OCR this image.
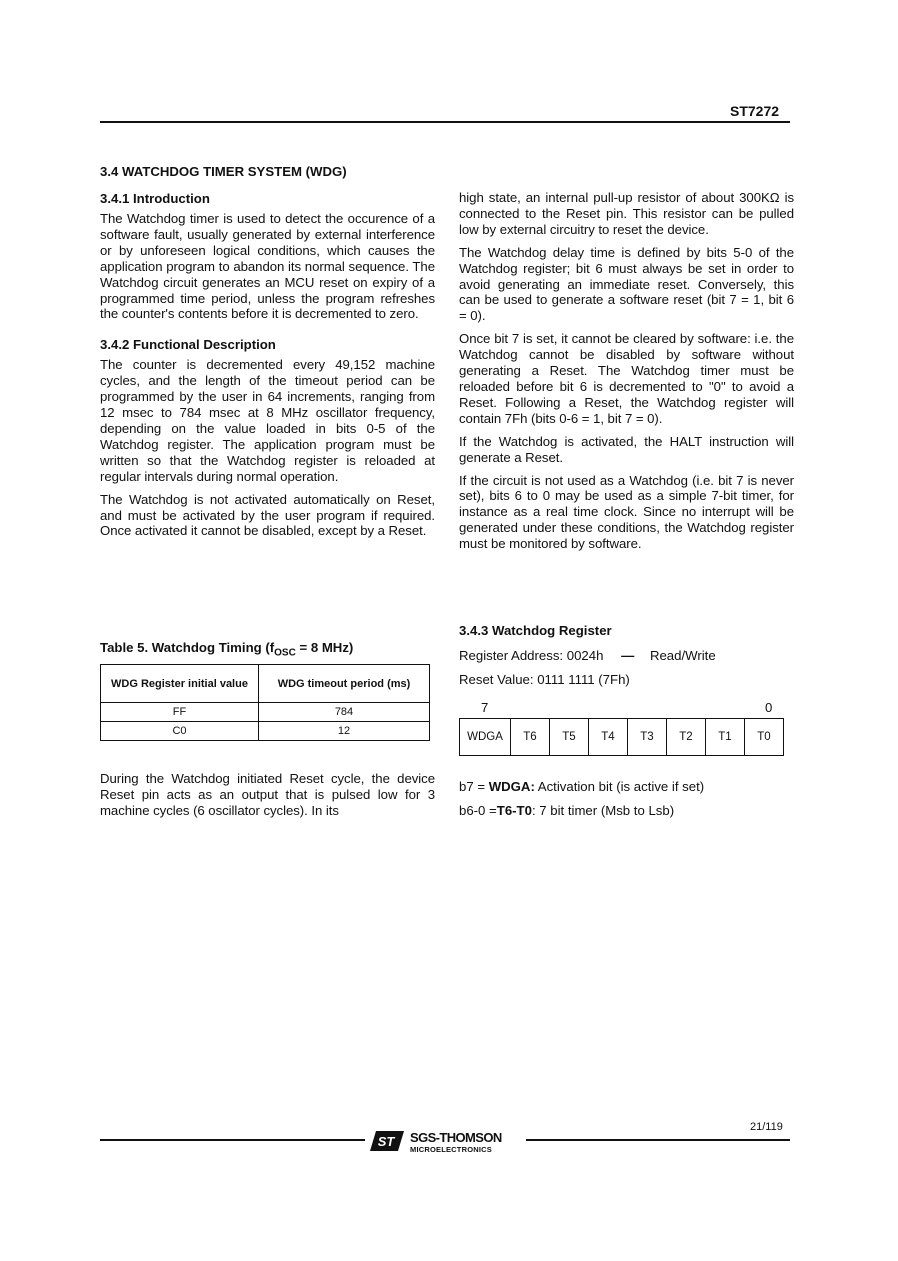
ST7272
3.4 WATCHDOG TIMER SYSTEM (WDG)
3.4.1 Introduction

The Watchdog timer is used to detect the occurence of a software fault, usually generated by external interference or by unforeseen logical conditions, which causes the application program to abandon its normal sequence. The Watchdog circuit generates an MCU reset on expiry of a programmed time period, unless the program refreshes the counter's contents before it is decremented to zero.

3.4.2 Functional Description

The counter is decremented every 49,152 machine cycles, and the length of the timeout period can be programmed by the user in 64 increments, ranging from 12 msec to 784 msec at 8 MHz oscillator frequency, depending on the value loaded in bits 0-5 of the Watchdog register. The application program must be written so that the Watchdog register is reloaded at regular intervals during normal operation.

The Watchdog is not activated automatically on Reset, and must be activated by the user program if required. Once activated it cannot be disabled, except by a Reset.

Table 5. Watchdog Timing ($f_{OSC} = 8$ MHz)
WDG Register initial value	WDG timeout period (ms)
FF	784
C0	12

During the Watchdog initiated Reset cycle, the device Reset pin acts as an output that is pulsed low for 3 machine cycles (6 oscillator cycles). In its

high state, an internal pull-up resistor of about 300KΩ is connected to the Reset pin. This resistor can be pulled low by external circuitry to reset the device.

The Watchdog delay time is defined by bits 5-0 of the Watchdog register; bit 6 must always be set in order to avoid generating an immediate reset. Conversely, this can be used to generate a software reset (bit 7 = 1, bit 6 = 0).

Once bit 7 is set, it cannot be cleared by software: i.e. the Watchdog cannot be disabled by software without generating a Reset. The Watchdog timer must be reloaded before bit 6 is decremented to "0" to avoid a Reset. Following a Reset, the Watchdog register will contain 7Fh (bits 0-6 = 1, bit 7 = 0).

If the Watchdog is activated, the HALT instruction will generate a Reset.

If the circuit is not used as a Watchdog (i.e. bit 7 is never set), bits 6 to 0 may be used as a simple 7-bit timer, for instance as a real time clock. Since no interrupt will be generated under these conditions, the Watchdog register must be monitored by software.

3.4.3 Watchdog Register
Register Address: 0024h — Read/Write
Reset Value: 0111 1111 (7Fh)
7	0
WDGA	T6	T5	T4	T3	T2	T1	T0
b7 = WDGA: Activation bit (is active if set)
b6-0 =T6-T0: 7 bit timer (Msb to Lsb)
21/119
ST SGS-THOMSON
MICROELECTRONICS
